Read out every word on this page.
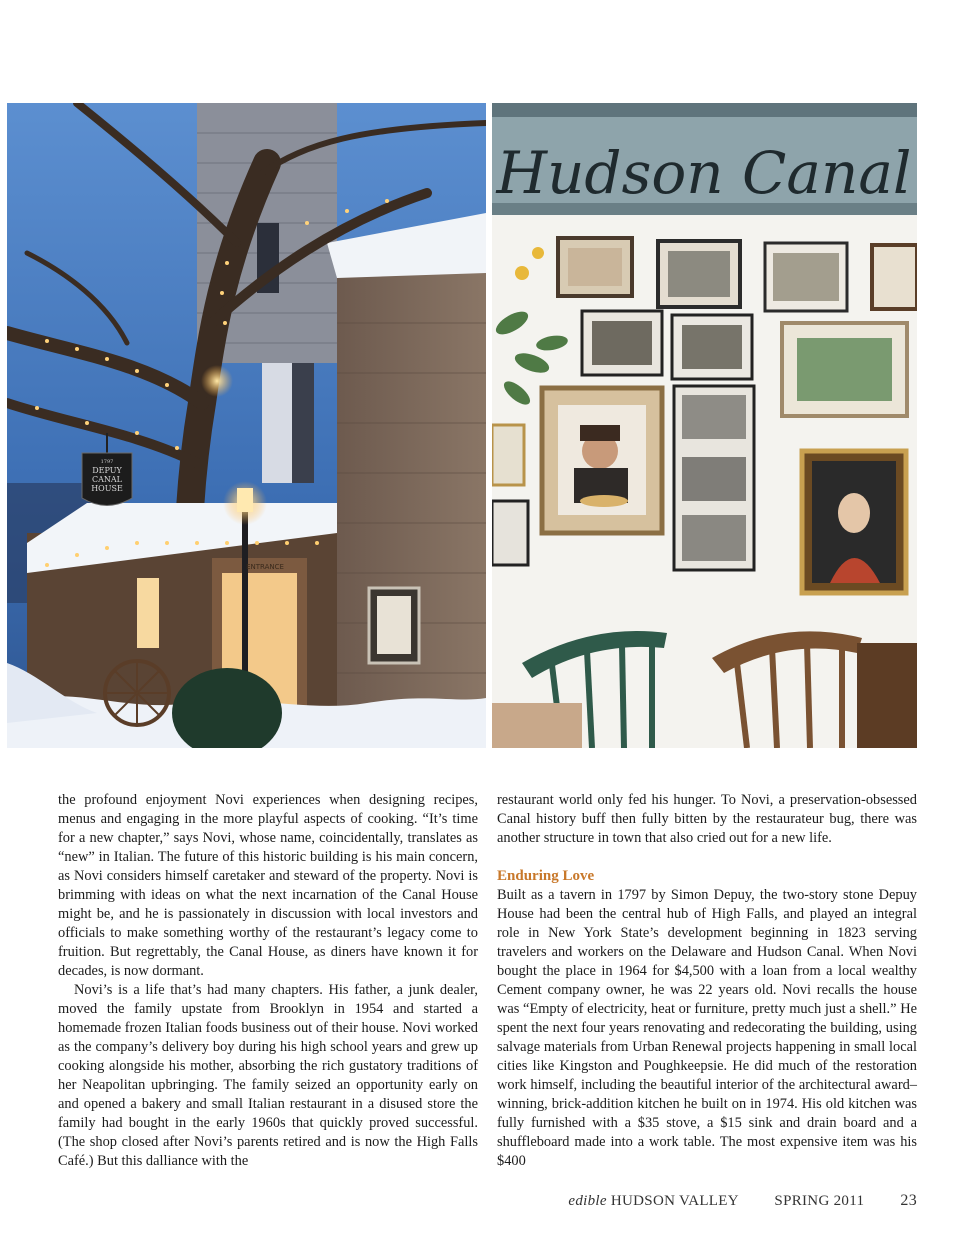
1797
DEPUY
CANAL
HOUSE
ENTRANCE
Hudson Canal

the profound enjoyment Novi experiences when designing recipes, menus and engaging in the more playful aspects of cooking. “It’s time for a new chapter,” says Novi, whose name, coincidentally, translates as “new” in Italian. The future of this historic building is his main concern, as Novi considers himself caretaker and steward of the property. Novi is brimming with ideas on what the next incarnation of the Canal House might be, and he is passionately in discussion with local investors and officials to make something worthy of the restaurant’s legacy come to fruition. But regrettably, the Canal House, as diners have known it for decades, is now dormant.

Novi’s is a life that’s had many chapters. His father, a junk dealer, moved the family upstate from Brooklyn in 1954 and started a homemade frozen Italian foods business out of their house. Novi worked as the company’s delivery boy during his high school years and grew up cooking alongside his mother, absorbing the rich gustatory traditions of her Neapolitan upbringing. The family seized an opportunity early on and opened a bakery and small Italian restaurant in a disused store the family had bought in the early 1960s that quickly proved successful. (The shop closed after Novi’s parents retired and is now the High Falls Café.) But this dalliance with the

restaurant world only fed his hunger. To Novi, a preservation-obsessed Canal history buff then fully bitten by the restaurateur bug, there was another structure in town that also cried out for a new life.

Enduring Love

Built as a tavern in 1797 by Simon Depuy, the two-story stone Depuy House had been the central hub of High Falls, and played an integral role in New York State’s development beginning in 1823 serving travelers and workers on the Delaware and Hudson Canal. When Novi bought the place in 1964 for $4,500 with a loan from a local wealthy Cement company owner, he was 22 years old. Novi recalls the house was “Empty of electricity, heat or furniture, pretty much just a shell.” He spent the next four years renovating and redecorating the building, using salvage materials from Urban Renewal projects happening in small local cities like Kingston and Poughkeepsie. He did much of the restoration work himself, including the beautiful interior of the architectural award–winning, brick-addition kitchen he built on in 1974. His old kitchen was fully furnished with a $35 stove, a $15 sink and drain board and a shuffleboard made into a work table. The most expensive item was his $400

edible HUDSON VALLEY SPRING 2011 23
